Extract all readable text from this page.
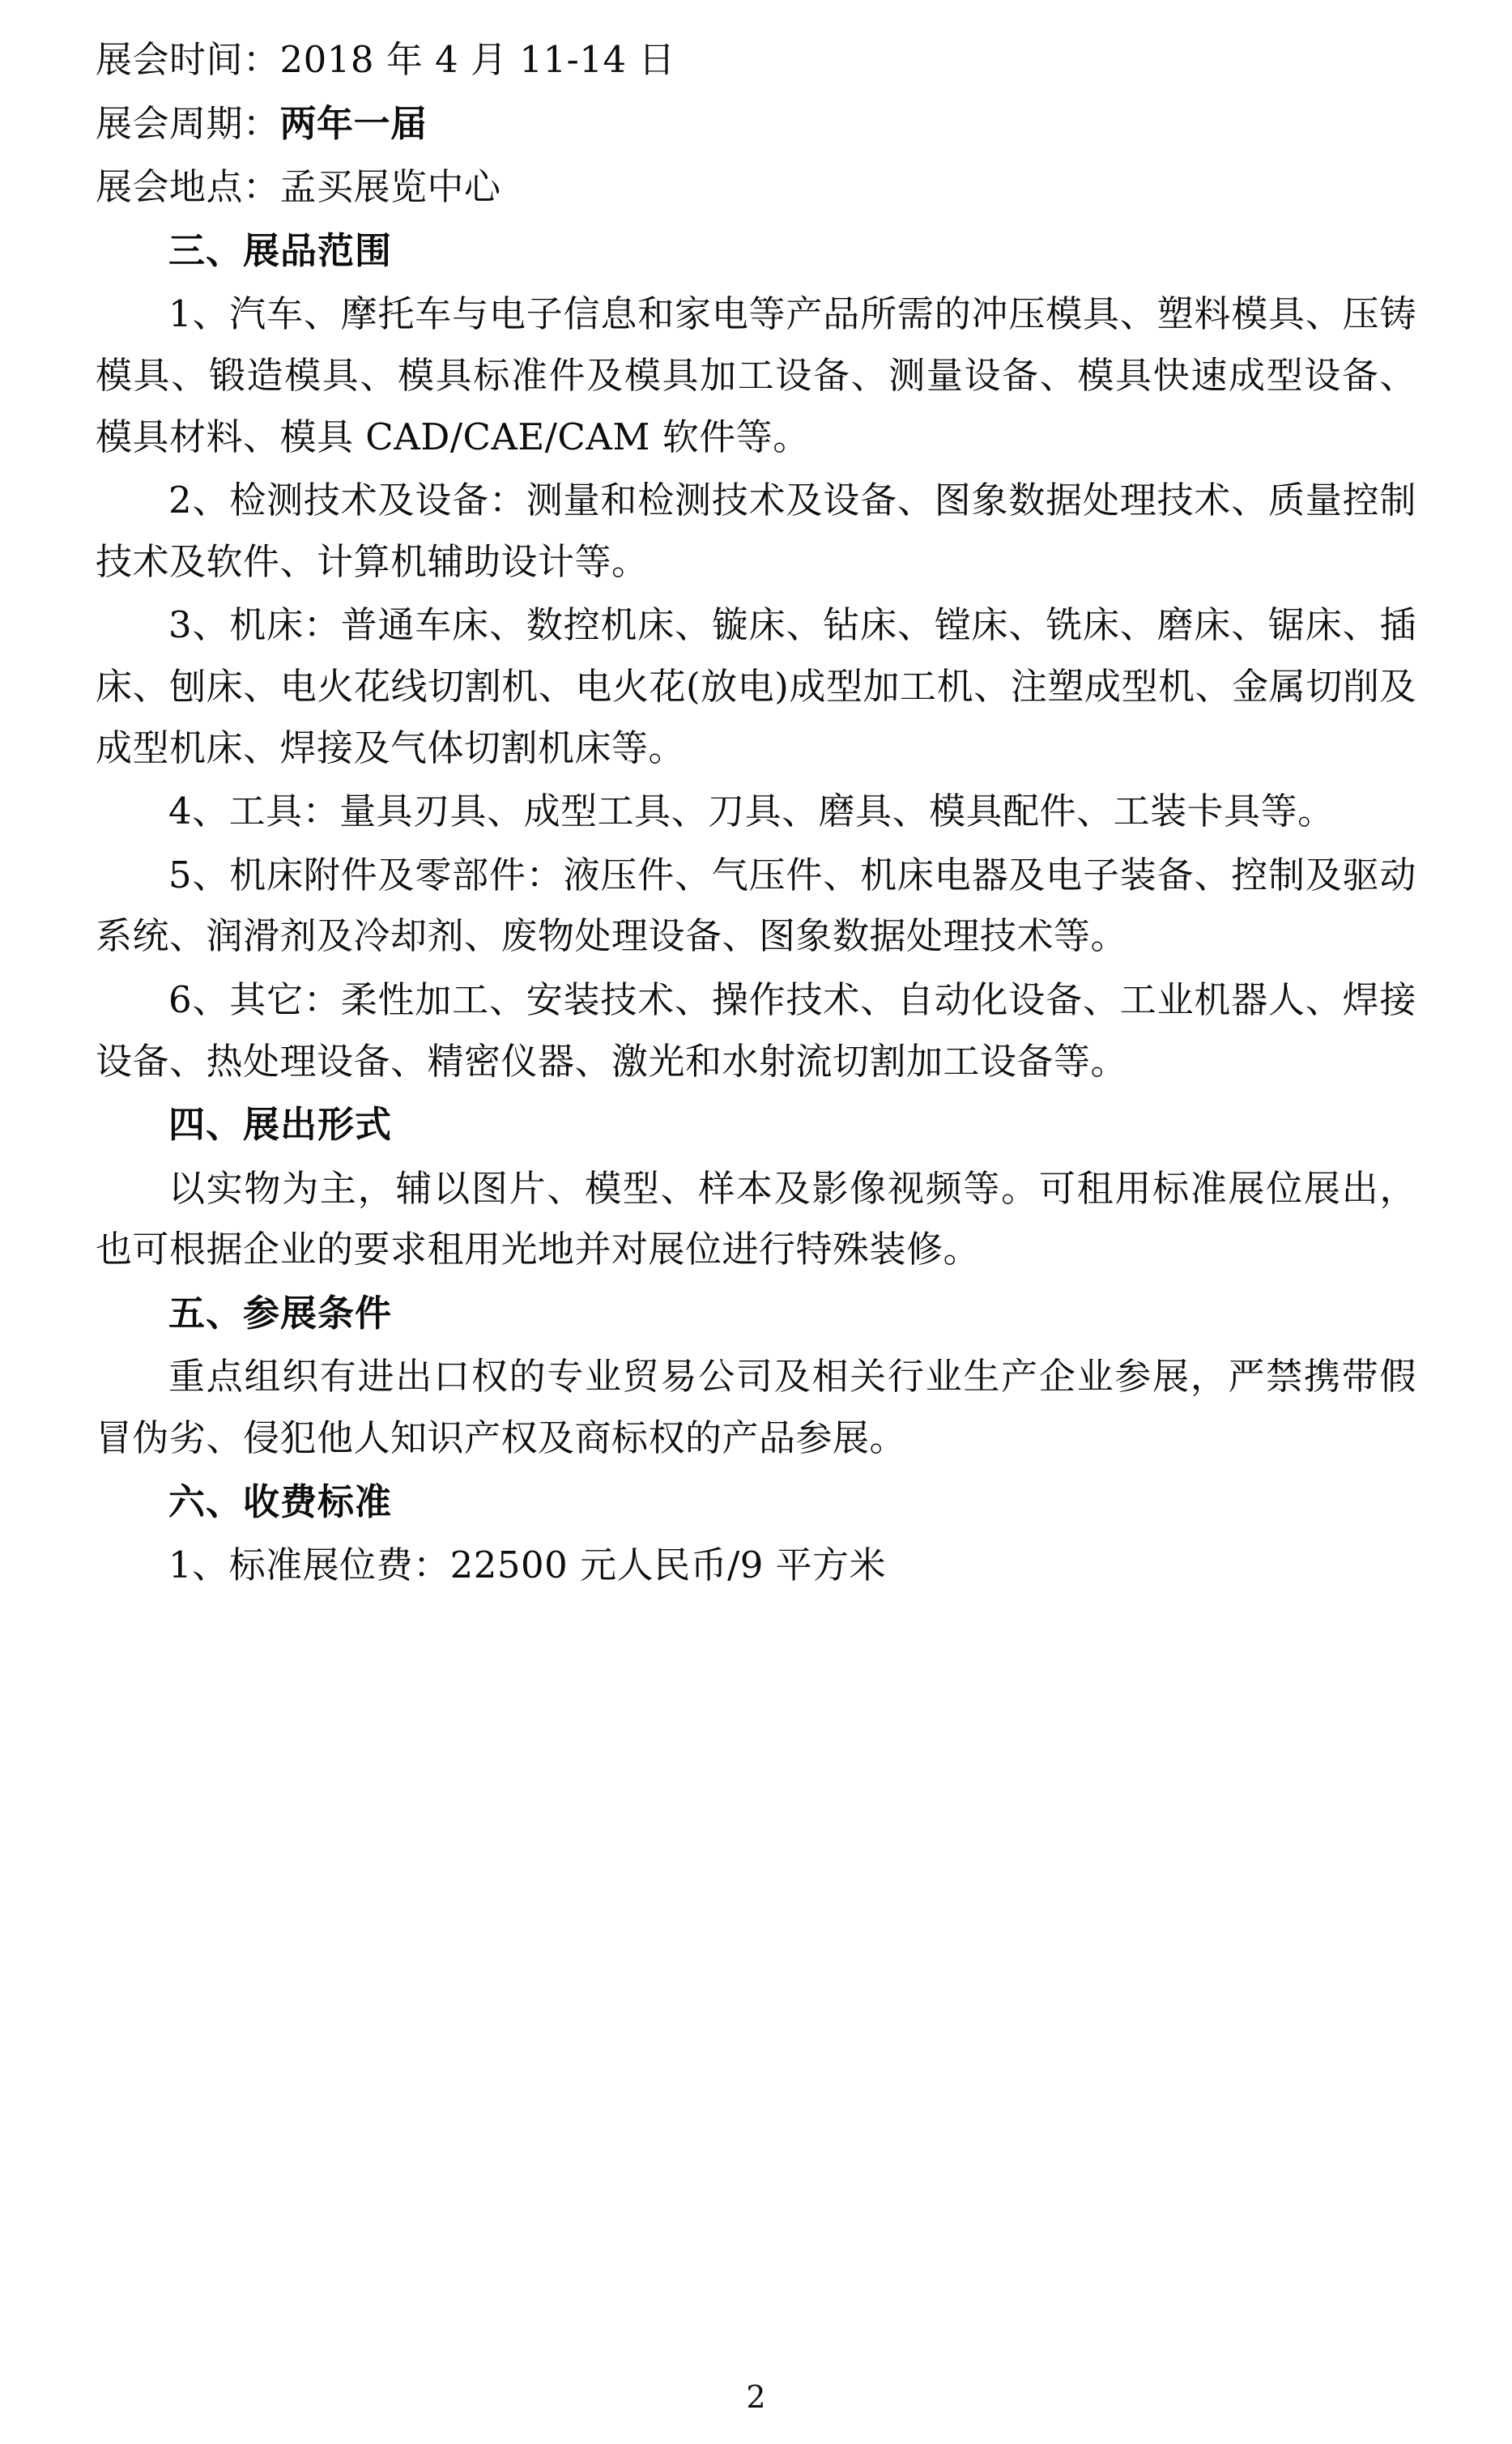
展会时间：2018 年 4 月 11-14 日

展会周期：两年一届

展会地点：孟买展览中心

三、展品范围

1、汽车、摩托车与电子信息和家电等产品所需的冲压模具、塑料模具、压铸模具、锻造模具、模具标准件及模具加工设备、测量设备、模具快速成型设备、模具材料、模具 CAD/CAE/CAM 软件等。

2、检测技术及设备：测量和检测技术及设备、图象数据处理技术、质量控制技术及软件、计算机辅助设计等。

3、机床：普通车床、数控机床、镟床、钻床、镗床、铣床、磨床、锯床、插床、刨床、电火花线切割机、电火花(放电)成型加工机、注塑成型机、金属切削及成型机床、焊接及气体切割机床等。

4、工具：量具刃具、成型工具、刀具、磨具、模具配件、工装卡具等。

5、机床附件及零部件：液压件、气压件、机床电器及电子装备、控制及驱动系统、润滑剂及冷却剂、废物处理设备、图象数据处理技术等。

6、其它：柔性加工、安装技术、操作技术、自动化设备、工业机器人、焊接设备、热处理设备、精密仪器、激光和水射流切割加工设备等。

四、展出形式

以实物为主，辅以图片、模型、样本及影像视频等。可租用标准展位展出，也可根据企业的要求租用光地并对展位进行特殊装修。

五、参展条件

重点组织有进出口权的专业贸易公司及相关行业生产企业参展，严禁携带假冒伪劣、侵犯他人知识产权及商标权的产品参展。

六、收费标准

1、标准展位费：22500 元人民币/9 平方米

2
